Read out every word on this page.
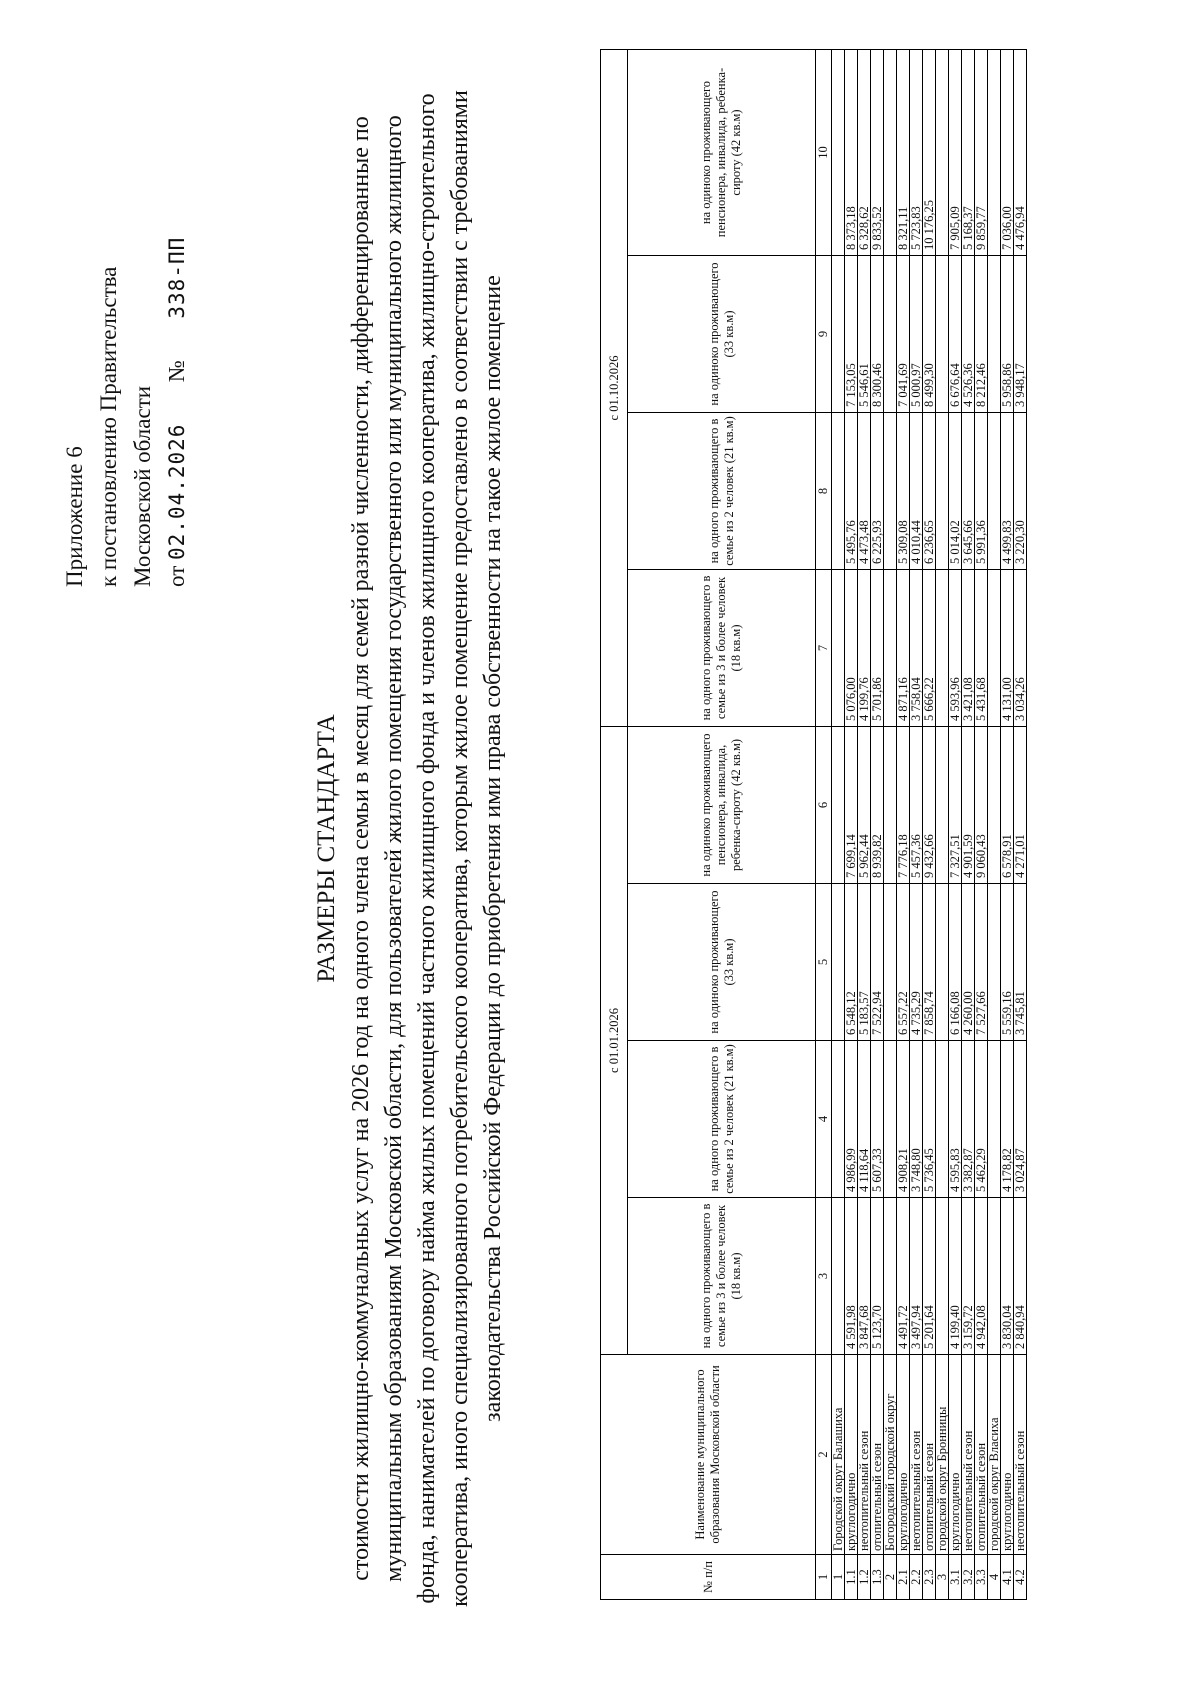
Приложение 6 к постановлению Правительства Московской области от 02.04.2026  №  338-ПП
РАЗМЕРЫ СТАНДАРТА стоимости жилищно-коммунальных услуг на 2026 год на одного члена семьи в месяц для семей разной численности, дифференцированные по муниципальным образованиям Московской области, для пользователей жилого помещения государственного или муниципального жилищного фонда, нанимателей по договору найма жилых помещений частного жилищного фонда и членов жилищного кооператива, жилищно-строительного кооператива, иного специализированного потребительского кооператива, которым жилое помещение предоставлено в соответствии с требованиями законодательства Российской Федерации до приобретения ими права собственности на такое жилое помещение
№ п/п	Наименование муниципального образования Московской области	с 01.01.2026				с 01.10.2026			
		на одного проживающего в семье из 3 и более человек (18 кв.м)	на одного проживающего в семье из 2 человек (21 кв.м)	на одиноко проживающего (33 кв.м)	на одиноко проживающего пенсионера, инвалида, ребенка-сироту (42 кв.м)	на одного проживающего в семье из 3 и более человек (18 кв.м)	на одного проживающего в семье из 2 человек (21 кв.м)	на одиноко проживающего (33 кв.м)	на одиноко проживающего пенсионера, инвалида, ребенка-сироту (42 кв.м)
1	2	3	4	5	6	7	8	9	10
1	Городской округ Балашиха								
1.1	круглогодично	4 591,98	4 986,99	6 548,12	7 699,14	5 076,00	5 495,76	7 153,05	8 373,18
1.2	неотопительный сезон	3 847,68	4 118,64	5 183,57	5 962,44	4 199,76	4 473,48	5 546,61	6 328,62
1.3	отопительный сезон	5 123,70	5 607,33	7 522,94	8 939,82	5 701,86	6 225,93	8 300,46	9 833,52
2	Богородский городской округ								
2.1	круглогодично	4 491,72	4 908,21	6 557,22	7 776,18	4 871,16	5 309,08	7 041,69	8 321,11
2.2	неотопительный сезон	3 497,94	3 748,80	4 735,29	5 457,36	3 758,04	4 010,44	5 000,97	5 723,83
2.3	отопительный сезон	5 201,64	5 736,45	7 858,74	9 432,66	5 666,22	6 236,65	8 499,30	10 176,25
3	городской округ Бронницы								
3.1	круглогодично	4 199,40	4 595,83	6 166,08	7 327,51	4 593,96	5 014,02	6 676,64	7 905,09
3.2	неотопительный сезон	3 159,72	3 382,87	4 260,00	4 901,59	3 421,08	3 645,66	4 526,36	5 168,37
3.3	отопительный сезон	4 942,08	5 462,29	7 527,66	9 060,43	5 431,68	5 991,36	8 212,46	9 859,77
4	городской округ Власиха								
4.1	круглогодично	3 830,04	4 178,82	5 559,16	6 578,91	4 131,00	4 499,83	5 958,86	7 036,00
4.2	неотопительный сезон	2 840,94	3 024,87	3 745,81	4 271,01	3 034,26	3 220,30	3 948,17	4 476,94
